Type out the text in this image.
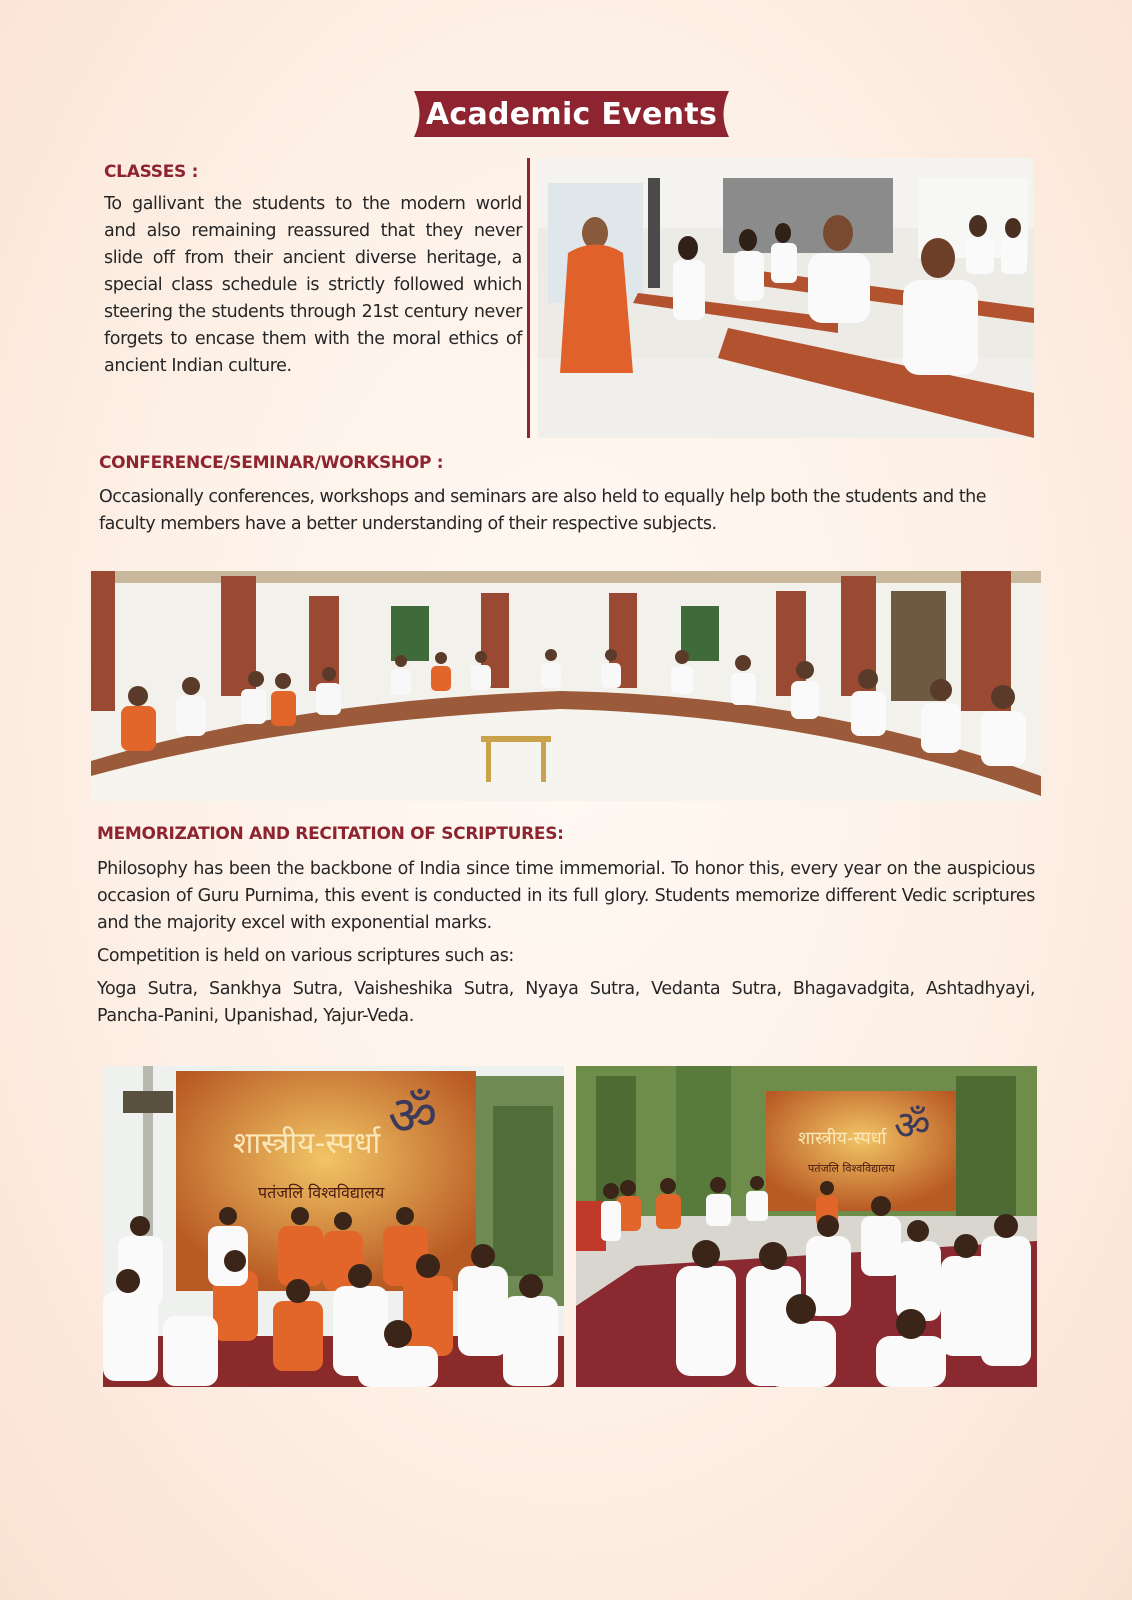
Academic Events
CLASSES :

To gallivant the students to the modern world and also remaining reassured that they never slide off from their ancient diverse heritage, a special class schedule is strictly followed which steering the students through 21st century never forgets to encase them with the moral ethics of ancient Indian culture.

CONFERENCE/SEMINAR/WORKSHOP :

Occasionally conferences, workshops and seminars are also held to equally help both the students and the faculty members have a better understanding of their respective subjects.

MEMORIZATION AND RECITATION OF SCRIPTURES:

Philosophy has been the backbone of India since time immemorial. To honor this, every year on the auspicious occasion of Guru Purnima, this event is conducted in its full glory. Students memorize different Vedic scriptures and the majority excel with exponential marks.

Competition is held on various scriptures such as:

Yoga Sutra, Sankhya Sutra, Vaisheshika Sutra, Nyaya Sutra, Vedanta Sutra, Bhagavadgita, Ashtadhyayi, Pancha-Panini, Upanishad, Yajur-Veda.

ॐ
शास्त्रीय-स्पर्धा
पतंजलि विश्वविद्यालय
ॐ
शास्त्रीय-स्पर्धा
पतंजलि विश्वविद्यालय
